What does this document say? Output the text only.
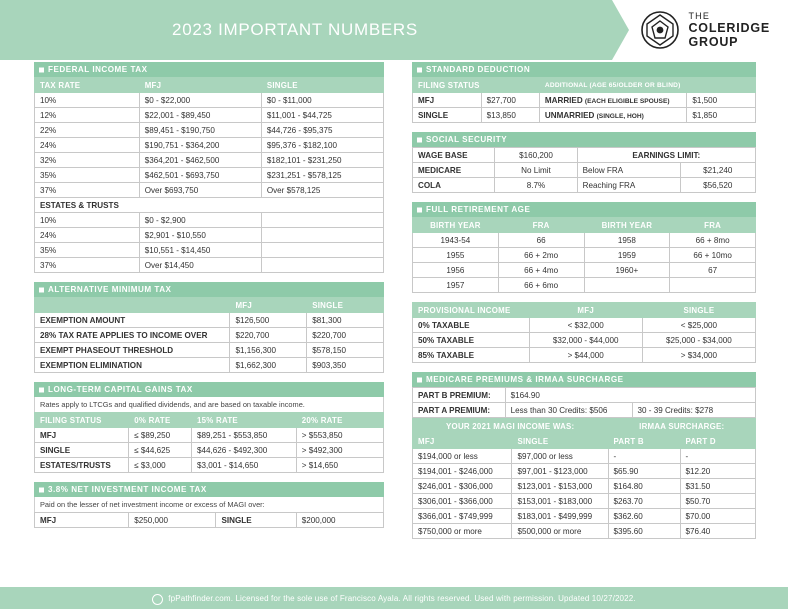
2023 IMPORTANT NUMBERS
THE
COLERIDGE
GROUP
FEDERAL INCOME TAX
TAX RATE	MFJ	SINGLE
10%	$0 - $22,000	$0 - $11,000
12%	$22,001 - $89,450	$11,001 - $44,725
22%	$89,451 - $190,750	$44,726 - $95,375
24%	$190,751 - $364,200	$95,376 - $182,100
32%	$364,201 - $462,500	$182,101 - $231,250
35%	$462,501 - $693,750	$231,251 - $578,125
37%	Over $693,750	Over $578,125
ESTATES & TRUSTS		
10%	$0 - $2,900	
24%	$2,901 - $10,550	
35%	$10,551 - $14,450	
37%	Over $14,450	
ALTERNATIVE MINIMUM TAX
	MFJ	SINGLE
EXEMPTION AMOUNT	$126,500	$81,300
28% TAX RATE APPLIES TO INCOME OVER	$220,700	$220,700
EXEMPT PHASEOUT THRESHOLD	$1,156,300	$578,150
EXEMPTION ELIMINATION	$1,662,300	$903,350
LONG-TERM CAPITAL GAINS TAX
Rates apply to LTCGs and qualified dividends, and are based on taxable income.
FILING STATUS	0% RATE	15% RATE	20% RATE
MFJ	≤ $89,250	$89,251 - $553,850	> $553,850
SINGLE	≤ $44,625	$44,626 - $492,300	> $492,300
ESTATES/TRUSTS	≤ $3,000	$3,001 - $14,650	> $14,650
3.8% NET INVESTMENT INCOME TAX
Paid on the lesser of net investment income or excess of MAGI over:
MFJ	$250,000	SINGLE	$200,000
STANDARD DEDUCTION
FILING STATUS		ADDITIONAL (AGE 65/OLDER OR BLIND)	
MFJ	$27,700	MARRIED (EACH ELIGIBLE SPOUSE)	$1,500
SINGLE	$13,850	UNMARRIED (SINGLE, HOH)	$1,850
SOCIAL SECURITY
WAGE BASE	$160,200	EARNINGS LIMIT:	
MEDICARE	No Limit	Below FRA	$21,240
COLA	8.7%	Reaching FRA	$56,520
FULL RETIREMENT AGE
BIRTH YEAR	FRA	BIRTH YEAR	FRA
1943-54	66	1958	66 + 8mo
1955	66 + 2mo	1959	66 + 10mo
1956	66 + 4mo	1960+	67
1957	66 + 6mo		
PROVISIONAL INCOME	MFJ	SINGLE
0% TAXABLE	< $32,000	< $25,000
50% TAXABLE	$32,000 - $44,000	$25,000 - $34,000
85% TAXABLE	> $44,000	> $34,000
MEDICARE PREMIUMS & IRMAA SURCHARGE
PART B PREMIUM:	$164.90	
PART A PREMIUM:	Less than 30 Credits: $506	30 - 39 Credits: $278
YOUR 2021 MAGI INCOME WAS:		IRMAA SURCHARGE:	
MFJ	SINGLE	PART B	PART D
$194,000 or less	$97,000 or less	-	-
$194,001 - $246,000	$97,001 - $123,000	$65.90	$12.20
$246,001 - $306,000	$123,001 - $153,000	$164.80	$31.50
$306,001 - $366,000	$153,001 - $183,000	$263.70	$50.70
$366,001 - $749,999	$183,001 - $499,999	$362.60	$70.00
$750,000 or more	$500,000 or more	$395.60	$76.40
fpPathfinder.com. Licensed for the sole use of Francisco Ayala. All rights reserved. Used with permission. Updated 10/27/2022.
